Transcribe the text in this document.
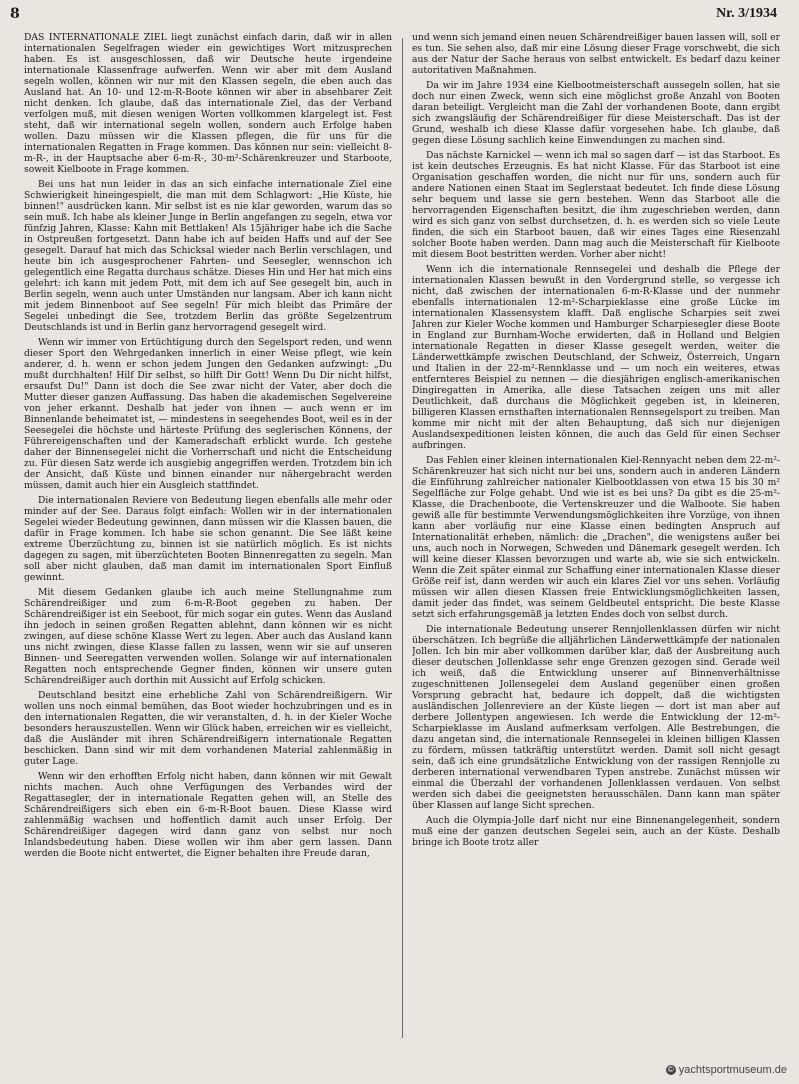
8	Nr. 3/1934

DAS INTERNATIONALE ZIEL liegt zunächst einfach darin, daß wir in allen internationalen Segelfragen wieder ein gewichtiges Wort mitzusprechen haben. Es ist ausgeschlossen, daß wir Deutsche heute irgendeine internationale Klassenfrage aufwerfen. Wenn wir aber mit dem Ausland segeln wollen, können wir nur mit den Klassen segeln, die eben auch das Ausland hat. An 10- und 12-m-R-Boote können wir aber in absehbarer Zeit nicht denken. Ich glaube, daß das internationale Ziel, das der Verband verfolgen muß, mit diesen wenigen Worten vollkommen klargelegt ist. Fest steht, daß wir international segeln wollen, sondern auch Erfolge haben wollen. Dazu müssen wir die Klassen pflegen, die für uns für die internationalen Regatten in Frage kommen. Das können nur sein: vielleicht 8-m-R-, in der Hauptsache aber 6-m-R-, 30-m²-Schärenkreuzer und Starboote, soweit Kielboote in Frage kommen.

Bei uns hat nun leider in das an sich einfache internationale Ziel eine Schwierigkeit hineingespielt, die man mit dem Schlagwort: „Hie Küste, hie binnen!" ausdrücken kann. Mir selbst ist es nie klar geworden, warum das so sein muß. Ich habe als kleiner Junge in Berlin angefangen zu segeln, etwa vor fünfzig Jahren, Klasse: Kahn mit Bettlaken! Als 15jähriger habe ich die Sache in Ostpreußen fortgesetzt. Dann habe ich auf beiden Haffs und auf der See gesegelt. Darauf hat mich das Schicksal wieder nach Berlin verschlagen, und heute bin ich ausgesprochener Fahrten- und Seesegler, wennschon ich gelegentlich eine Regatta durchaus schätze. Dieses Hin und Her hat mich eins gelehrt: ich kann mit jedem Pott, mit dem ich auf See gesegelt bin, auch in Berlin segeln, wenn auch unter Umständen nur langsam. Aber ich kann nicht mit jedem Binnenboot auf See segeln! Für mich bleibt das Primäre der Segelei unbedingt die See, trotzdem Berlin das größte Segelzentrum Deutschlands ist und in Berlin ganz hervorragend gesegelt wird.

Wenn wir immer von Ertüchtigung durch den Segelsport reden, und wenn dieser Sport den Wehrgedanken innerlich in einer Weise pflegt, wie kein anderer, d. h. wenn er schon jedem Jungen den Gedanken aufzwingt: „Du mußt durchhalten! Hilf Dir selbst, so hilft Dir Gott! Wenn Du Dir nicht hilfst, ersaufst Du!" Dann ist doch die See zwar nicht der Vater, aber doch die Mutter dieser ganzen Auffassung. Das haben die akademischen Segelvereine von jeher erkannt. Deshalb hat jeder von ihnen — auch wenn er im Binnenlande beheimatet ist, — mindestens in seegehendes Boot, weil es in der Seesegelei die höchste und härteste Prüfung des seglerischen Könnens, der Führereigenschaften und der Kameradschaft erblickt wurde. Ich gestehe daher der Binnensegelei nicht die Vorherrschaft und nicht die Entscheidung zu. Für diesen Satz werde ich ausgiebig angegriffen werden. Trotzdem bin ich der Ansicht, daß Küste und binnen einander nur nähergebracht werden müssen, damit auch hier ein Ausgleich stattfindet.

Die internationalen Reviere von Bedeutung liegen ebenfalls alle mehr oder minder auf der See. Daraus folgt einfach: Wollen wir in der internationalen Segelei wieder Bedeutung gewinnen, dann müssen wir die Klassen bauen, die dafür in Frage kommen. Ich habe sie schon genannt. Die See läßt keine extreme Überzüchtung zu, binnen ist sie natürlich möglich. Es ist nichts dagegen zu sagen, mit überzüchteten Booten Binnenregatten zu segeln. Man soll aber nicht glauben, daß man damit im internationalen Sport Einfluß gewinnt.

Mit diesem Gedanken glaube ich auch meine Stellungnahme zum Schärendreißiger und zum 6-m-R-Boot gegeben zu haben. Der Schärendreißiger ist ein Seeboot, für mich sogar ein gutes. Wenn das Ausland ihn jedoch in seinen großen Regatten ablehnt, dann können wir es nicht zwingen, auf diese schöne Klasse Wert zu legen. Aber auch das Ausland kann uns nicht zwingen, diese Klasse fallen zu lassen, wenn wir sie auf unseren Binnen- und Seeregatten verwenden wollen. Solange wir auf internationalen Regatten noch entsprechende Gegner finden, können wir unsere guten Schärendreißiger auch dorthin mit Aussicht auf Erfolg schicken.

Deutschland besitzt eine erhebliche Zahl von Schärendreißigern. Wir wollen uns noch einmal bemühen, das Boot wieder hochzubringen und es in den internationalen Regatten, die wir veranstalten, d. h. in der Kieler Woche besonders herauszustellen. Wenn wir Glück haben, erreichen wir es vielleicht, daß die Ausländer mit ihren Schärendreißigern internationale Regatten beschicken. Dann sind wir mit dem vorhandenen Material zahlenmäßig in guter Lage.

Wenn wir den erhofften Erfolg nicht haben, dann können wir mit Gewalt nichts machen. Auch ohne Verfügungen des Verbandes wird der Regattasegler, der in internationale Regatten gehen will, an Stelle des Schärendreißigers sich eben ein 6-m-R-Boot bauen. Diese Klasse wird zahlenmäßig wachsen und hoffentlich damit auch unser Erfolg. Der Schärendreißiger dagegen wird dann ganz von selbst nur noch Inlandsbedeutung haben. Diese wollen wir ihm aber gern lassen. Dann werden die Boote nicht entwertet, die Eigner behalten ihre Freude daran,

und wenn sich jemand einen neuen Schärendreißiger bauen lassen will, soll er es tun. Sie sehen also, daß mir eine Lösung dieser Frage vorschwebt, die sich aus der Natur der Sache heraus von selbst entwickelt. Es bedarf dazu keiner autoritativen Maßnahmen.

Da wir im Jahre 1934 eine Kielbootmeisterschaft aussegeln sollen, hat sie doch nur einen Zweck, wenn sich eine möglichst große Anzahl von Booten daran beteiligt. Vergleicht man die Zahl der vorhandenen Boote, dann ergibt sich zwangsläufig der Schärendreißiger für diese Meisterschaft. Das ist der Grund, weshalb ich diese Klasse dafür vorgesehen habe. Ich glaube, daß gegen diese Lösung sachlich keine Einwendungen zu machen sind.

Das nächste Karnickel — wenn ich mal so sagen darf — ist das Starboot. Es ist kein deutsches Erzeugnis. Es hat nicht Klasse. Für das Starboot ist eine Organisation geschaffen worden, die nicht nur für uns, sondern auch für andere Nationen einen Staat im Seglerstaat bedeutet. Ich finde diese Lösung sehr bequem und lasse sie gern bestehen. Wenn das Starboot alle die hervorragenden Eigenschaften besitzt, die ihm zugeschrieben werden, dann wird es sich ganz von selbst durchsetzen, d. h. es werden sich so viele Leute finden, die sich ein Starboot bauen, daß wir eines Tages eine Riesenzahl solcher Boote haben werden. Dann mag auch die Meisterschaft für Kielboote mit diesem Boot bestritten werden. Vorher aber nicht!

Wenn ich die internationale Rennsegelei und deshalb die Pflege der internationalen Klassen bewußt in den Vordergrund stelle, so vergesse ich nicht, daß zwischen der internationalen 6-m-R-Klasse und der nunmehr ebenfalls internationalen 12-m²-Scharpieklasse eine große Lücke im internationalen Klassensystem klafft. Daß englische Scharpies seit zwei Jahren zur Kieler Woche kommen und Hamburger Scharpiesegler diese Boote in England zur Burnham-Woche erwiderten, daß in Holland und Belgien internationale Regatten in dieser Klasse gesegelt werden, weiter die Länderwettkämpfe zwischen Deutschland, der Schweiz, Österreich, Ungarn und Italien in der 22-m²-Rennklasse und — um noch ein weiteres, etwas entfernteres Beispiel zu nennen — die diesjährigen englisch-amerikanischen Dingiregatten in Amerika, alle diese Tatsachen zeigen uns mit aller Deutlichkeit, daß durchaus die Möglichkeit gegeben ist, in kleineren, billigeren Klassen ernsthaften internationalen Rennsegelsport zu treiben. Man komme mir nicht mit der alten Behauptung, daß sich nur diejenigen Auslandsexpeditionen leisten können, die auch das Geld für einen Sechser aufbringen.

Das Fehlen einer kleinen internationalen Kiel-Rennyacht neben dem 22-m²-Schärenkreuzer hat sich nicht nur bei uns, sondern auch in anderen Ländern die Einführung zahlreicher nationaler Kielbootklassen von etwa 15 bis 30 m² Segelfläche zur Folge gehabt. Und wie ist es bei uns? Da gibt es die 25-m²-Klasse, die Drachenboote, die Vertenskreuzer und die Walboote. Sie haben gewiß alle für bestimmte Verwendungsmöglichkeiten ihre Vorzüge, von ihnen kann aber vorläufig nur eine Klasse einen bedingten Anspruch auf Internationalität erheben, nämlich: die „Drachen", die wenigstens außer bei uns, auch noch in Norwegen, Schweden und Dänemark gesegelt werden. Ich will keine dieser Klassen bevorzugen und warte ab, wie sie sich entwickeln. Wenn die Zeit später einmal zur Schaffung einer internationalen Klasse dieser Größe reif ist, dann werden wir auch ein klares Ziel vor uns sehen. Vorläufig müssen wir allen diesen Klassen freie Entwicklungsmöglichkeiten lassen, damit jeder das findet, was seinem Geldbeutel entspricht. Die beste Klasse setzt sich erfahrungsgemäß ja letzten Endes doch von selbst durch.

Die internationale Bedeutung unserer Rennjollenklassen dürfen wir nicht überschätzen. Ich begrüße die alljährlichen Länderwettkämpfe der nationalen Jollen. Ich bin mir aber vollkommen darüber klar, daß der Ausbreitung auch dieser deutschen Jollenklasse sehr enge Grenzen gezogen sind. Gerade weil ich weiß, daß die Entwicklung unserer auf Binnenverhältnisse zugeschnittenen Jollensegelei dem Ausland gegenüber einen großen Vorsprung gebracht hat, bedaure ich doppelt, daß die wichtigsten ausländischen Jollenreviere an der Küste liegen — dort ist man aber auf derbere Jollentypen angewiesen. Ich werde die Entwicklung der 12-m²-Scharpieklasse im Ausland aufmerksam verfolgen. Alle Bestrebungen, die dazu angetan sind, die internationale Rennsegelei in kleinen billigen Klassen zu fördern, müssen tatkräftig unterstützt werden. Damit soll nicht gesagt sein, daß ich eine grundsätzliche Entwicklung von der rassigen Rennjolle zu derberen international verwendbaren Typen anstrebe. Zunächst müssen wir einmal die Überzahl der vorhandenen Jollenklassen verdauen. Von selbst werden sich dabei die geeignetsten herausschälen. Dann kann man später über Klassen auf lange Sicht sprechen.

Auch die Olympia-Jolle darf nicht nur eine Binnenangelegenheit, sondern muß eine der ganzen deutschen Segelei sein, auch an der Küste. Deshalb bringe ich Boote trotz aller

© yachtsportmuseum.de
